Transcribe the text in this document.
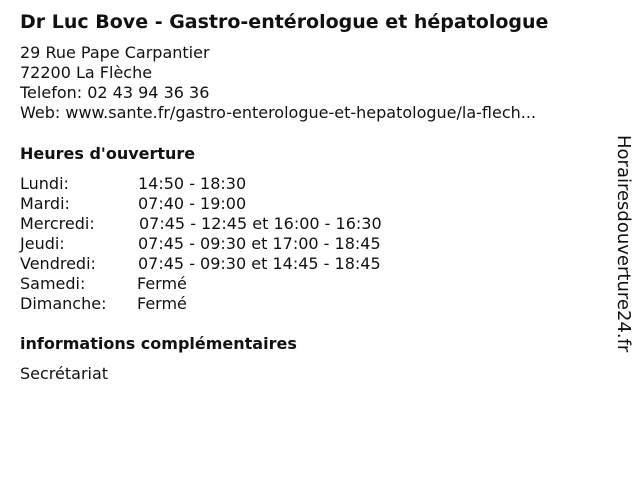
Dr Luc Bove - Gastro-entérologue et hépatologue
29 Rue Pape Carpantier
72200 La Flèche
Telefon: 02 43 94 36 36
Web: www.sante.fr/gastro-enterologue-et-hepatologue/la-flech...
Heures d'ouverture
Lundi:	14:50 - 18:30
Mardi:	07:40 - 19:00
Mercredi:	07:45 - 12:45 et 16:00 - 16:30
Jeudi:	07:45 - 09:30 et 17:00 - 18:45
Vendredi:	07:45 - 09:30 et 14:45 - 18:45
Samedi:	Fermé
Dimanche: Fermé
informations complémentaires
Secrétariat
Horairesdouverture24.fr
